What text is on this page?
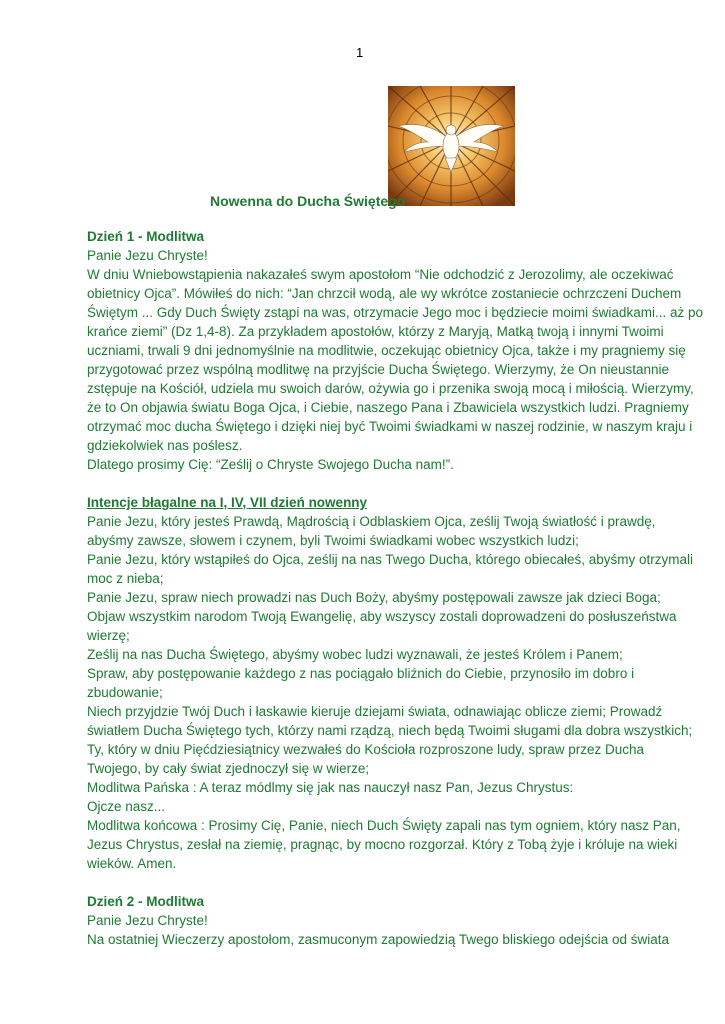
1
Nowenna do Ducha Świętego

Dzień 1 - Modlitwa

Panie Jezu Chryste!

W dniu Wniebowstąpienia nakazałeś swym apostołom “Nie odchodzić z Jerozolimy, ale oczekiwać

obietnicy Ojca”. Mówiłeś do nich: “Jan chrzcił wodą, ale wy wkrótce zostaniecie ochrzczeni Duchem

Świętym ... Gdy Duch Święty zstąpi na was, otrzymacie Jego moc i będziecie moimi świadkami... aż po

krańce ziemi” (Dz 1,4-8). Za przykładem apostołów, którzy z Maryją, Matką twoją i innymi Twoimi

uczniami, trwali 9 dni jednomyślnie na modlitwie, oczekując obietnicy Ojca, także i my pragniemy się

przygotować przez wspólną modlitwę na przyjście Ducha Świętego. Wierzymy, że On nieustannie

zstępuje na Kościół, udziela mu swoich darów, ożywia go i przenika swoją mocą i miłością. Wierzymy,

że to On objawia światu Boga Ojca, i Ciebie, naszego Pana i Zbawiciela wszystkich ludzi. Pragniemy

otrzymać moc ducha Świętego i dzięki niej być Twoimi świadkami w naszej rodzinie, w naszym kraju i

gdziekolwiek nas poślesz.

Dlatego prosimy Cię: “Ześlij o Chryste Swojego Ducha nam!”.

Intencje błagalne na I, IV, VII dzień nowenny

Panie Jezu, który jesteś Prawdą, Mądrością i Odblaskiem Ojca, ześlij Twoją światłość i prawdę,

abyśmy zawsze, słowem i czynem, byli Twoimi świadkami wobec wszystkich ludzi;

Panie Jezu, który wstąpiłeś do Ojca, ześlij na nas Twego Ducha, którego obiecałeś, abyśmy otrzymali

moc z nieba;

Panie Jezu, spraw niech prowadzi nas Duch Boży, abyśmy postępowali zawsze jak dzieci Boga;

Objaw wszystkim narodom Twoją Ewangelię, aby wszyscy zostali doprowadzeni do posłuszeństwa

wierzę;

Ześlij na nas Ducha Świętego, abyśmy wobec ludzi wyznawali, że jesteś Królem i Panem;

Spraw, aby postępowanie każdego z nas pociągało bliźnich do Ciebie, przynosiło im dobro i

zbudowanie;

Niech przyjdzie Twój Duch i łaskawie kieruje dziejami świata, odnawiając oblicze ziemi; Prowadź

światłem Ducha Świętego tych, którzy nami rządzą, niech będą Twoimi sługami dla dobra wszystkich;

Ty, który w dniu Pięćdziesiątnicy wezwałeś do Kościoła rozproszone ludy, spraw przez Ducha

Twojego, by cały świat zjednoczył się w wierze;

Modlitwa Pańska : A teraz módlmy się jak nas nauczył nasz Pan, Jezus Chrystus:

Ojcze nasz...

Modlitwa końcowa : Prosimy Cię, Panie, niech Duch Święty zapali nas tym ogniem, który nasz Pan,

Jezus Chrystus, zesłał na ziemię, pragnąc, by mocno rozgorzał. Który z Tobą żyje i króluje na wieki

wieków. Amen.

Dzień 2 - Modlitwa

Panie Jezu Chryste!

Na ostatniej Wieczerzy apostołom, zasmuconym zapowiedzią Twego bliskiego odejścia od świata
